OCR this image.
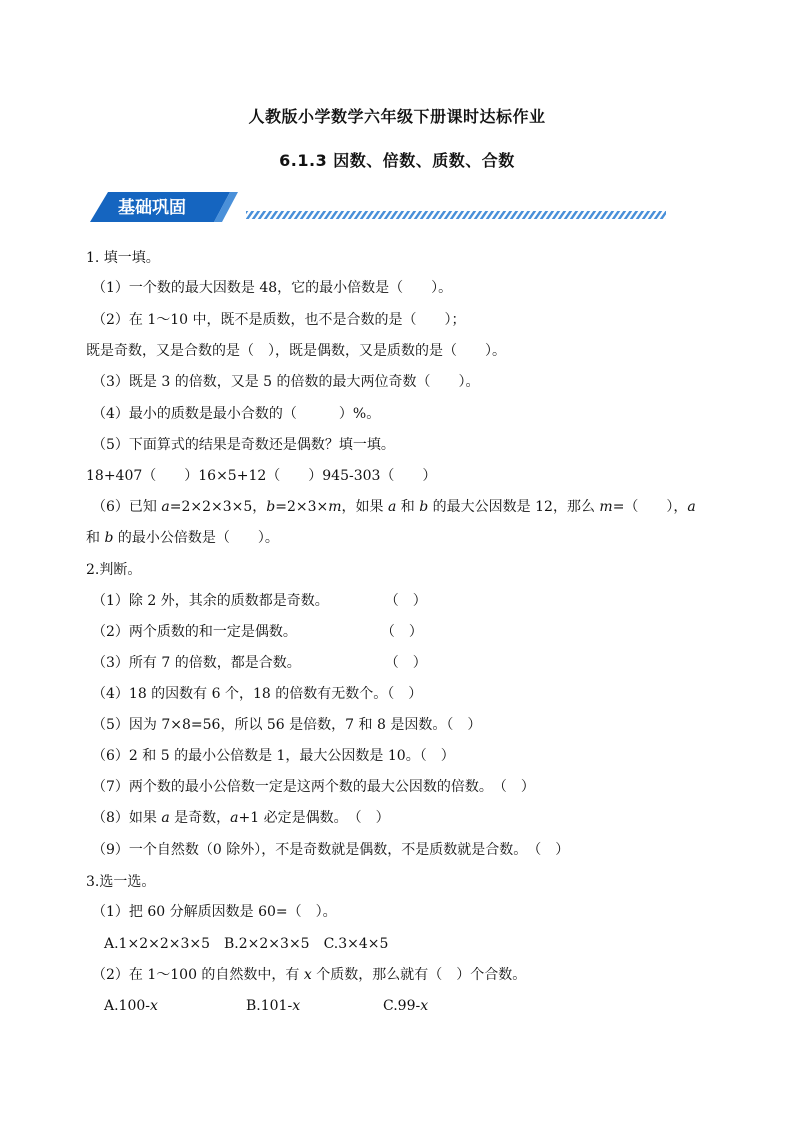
人教版小学数学六年级下册课时达标作业
6.1.3 因数、倍数、质数、合数
基础巩固
1. 填一填。
（1）一个数的最大因数是 48，它的最小倍数是（　　）。
（2）在 1～10 中，既不是质数，也不是合数的是（　　）；
既是奇数，又是合数的是（　），既是偶数，又是质数的是（　　）。
（3）既是 3 的倍数，又是 5 的倍数的最大两位奇数（　　）。
（4）最小的质数是最小合数的（　　　）%。
（5）下面算式的结果是奇数还是偶数？填一填。
18+407（　　）16×5+12（　　）945-303（　　）
（6）已知 a=2×2×3×5，b=2×3×m，如果 a 和 b 的最大公因数是 12，那么 m=（　　），a
和 b 的最小公倍数是（　　）。
2.判断。
（1）除 2 外，其余的质数都是奇数。　　　　　（　）
（2）两个质数的和一定是偶数。　　　　　　　（　）
（3）所有 7 的倍数，都是合数。　　　　　　　（　）
（4）18 的因数有 6 个，18 的倍数有无数个。（　）
（5）因为 7×8=56，所以 56 是倍数，7 和 8 是因数。（　）
（6）2 和 5 的最小公倍数是 1，最大公因数是 10。（　）
（7）两个数的最小公倍数一定是这两个数的最大公因数的倍数。　（　）
（8）如果 a 是奇数，a+1 必定是偶数。　（　）
（9）一个自然数（0 除外），不是奇数就是偶数，不是质数就是合数。　（　）
3.选一选。
（1）把 60 分解质因数是 60=（　）。
A.1×2×2×3×5　B.2×2×3×5　C.3×4×5
（2）在 1～100 的自然数中，有 x 个质数，那么就有（　）个合数。
A.100-x	B.101-x	C.99-x
